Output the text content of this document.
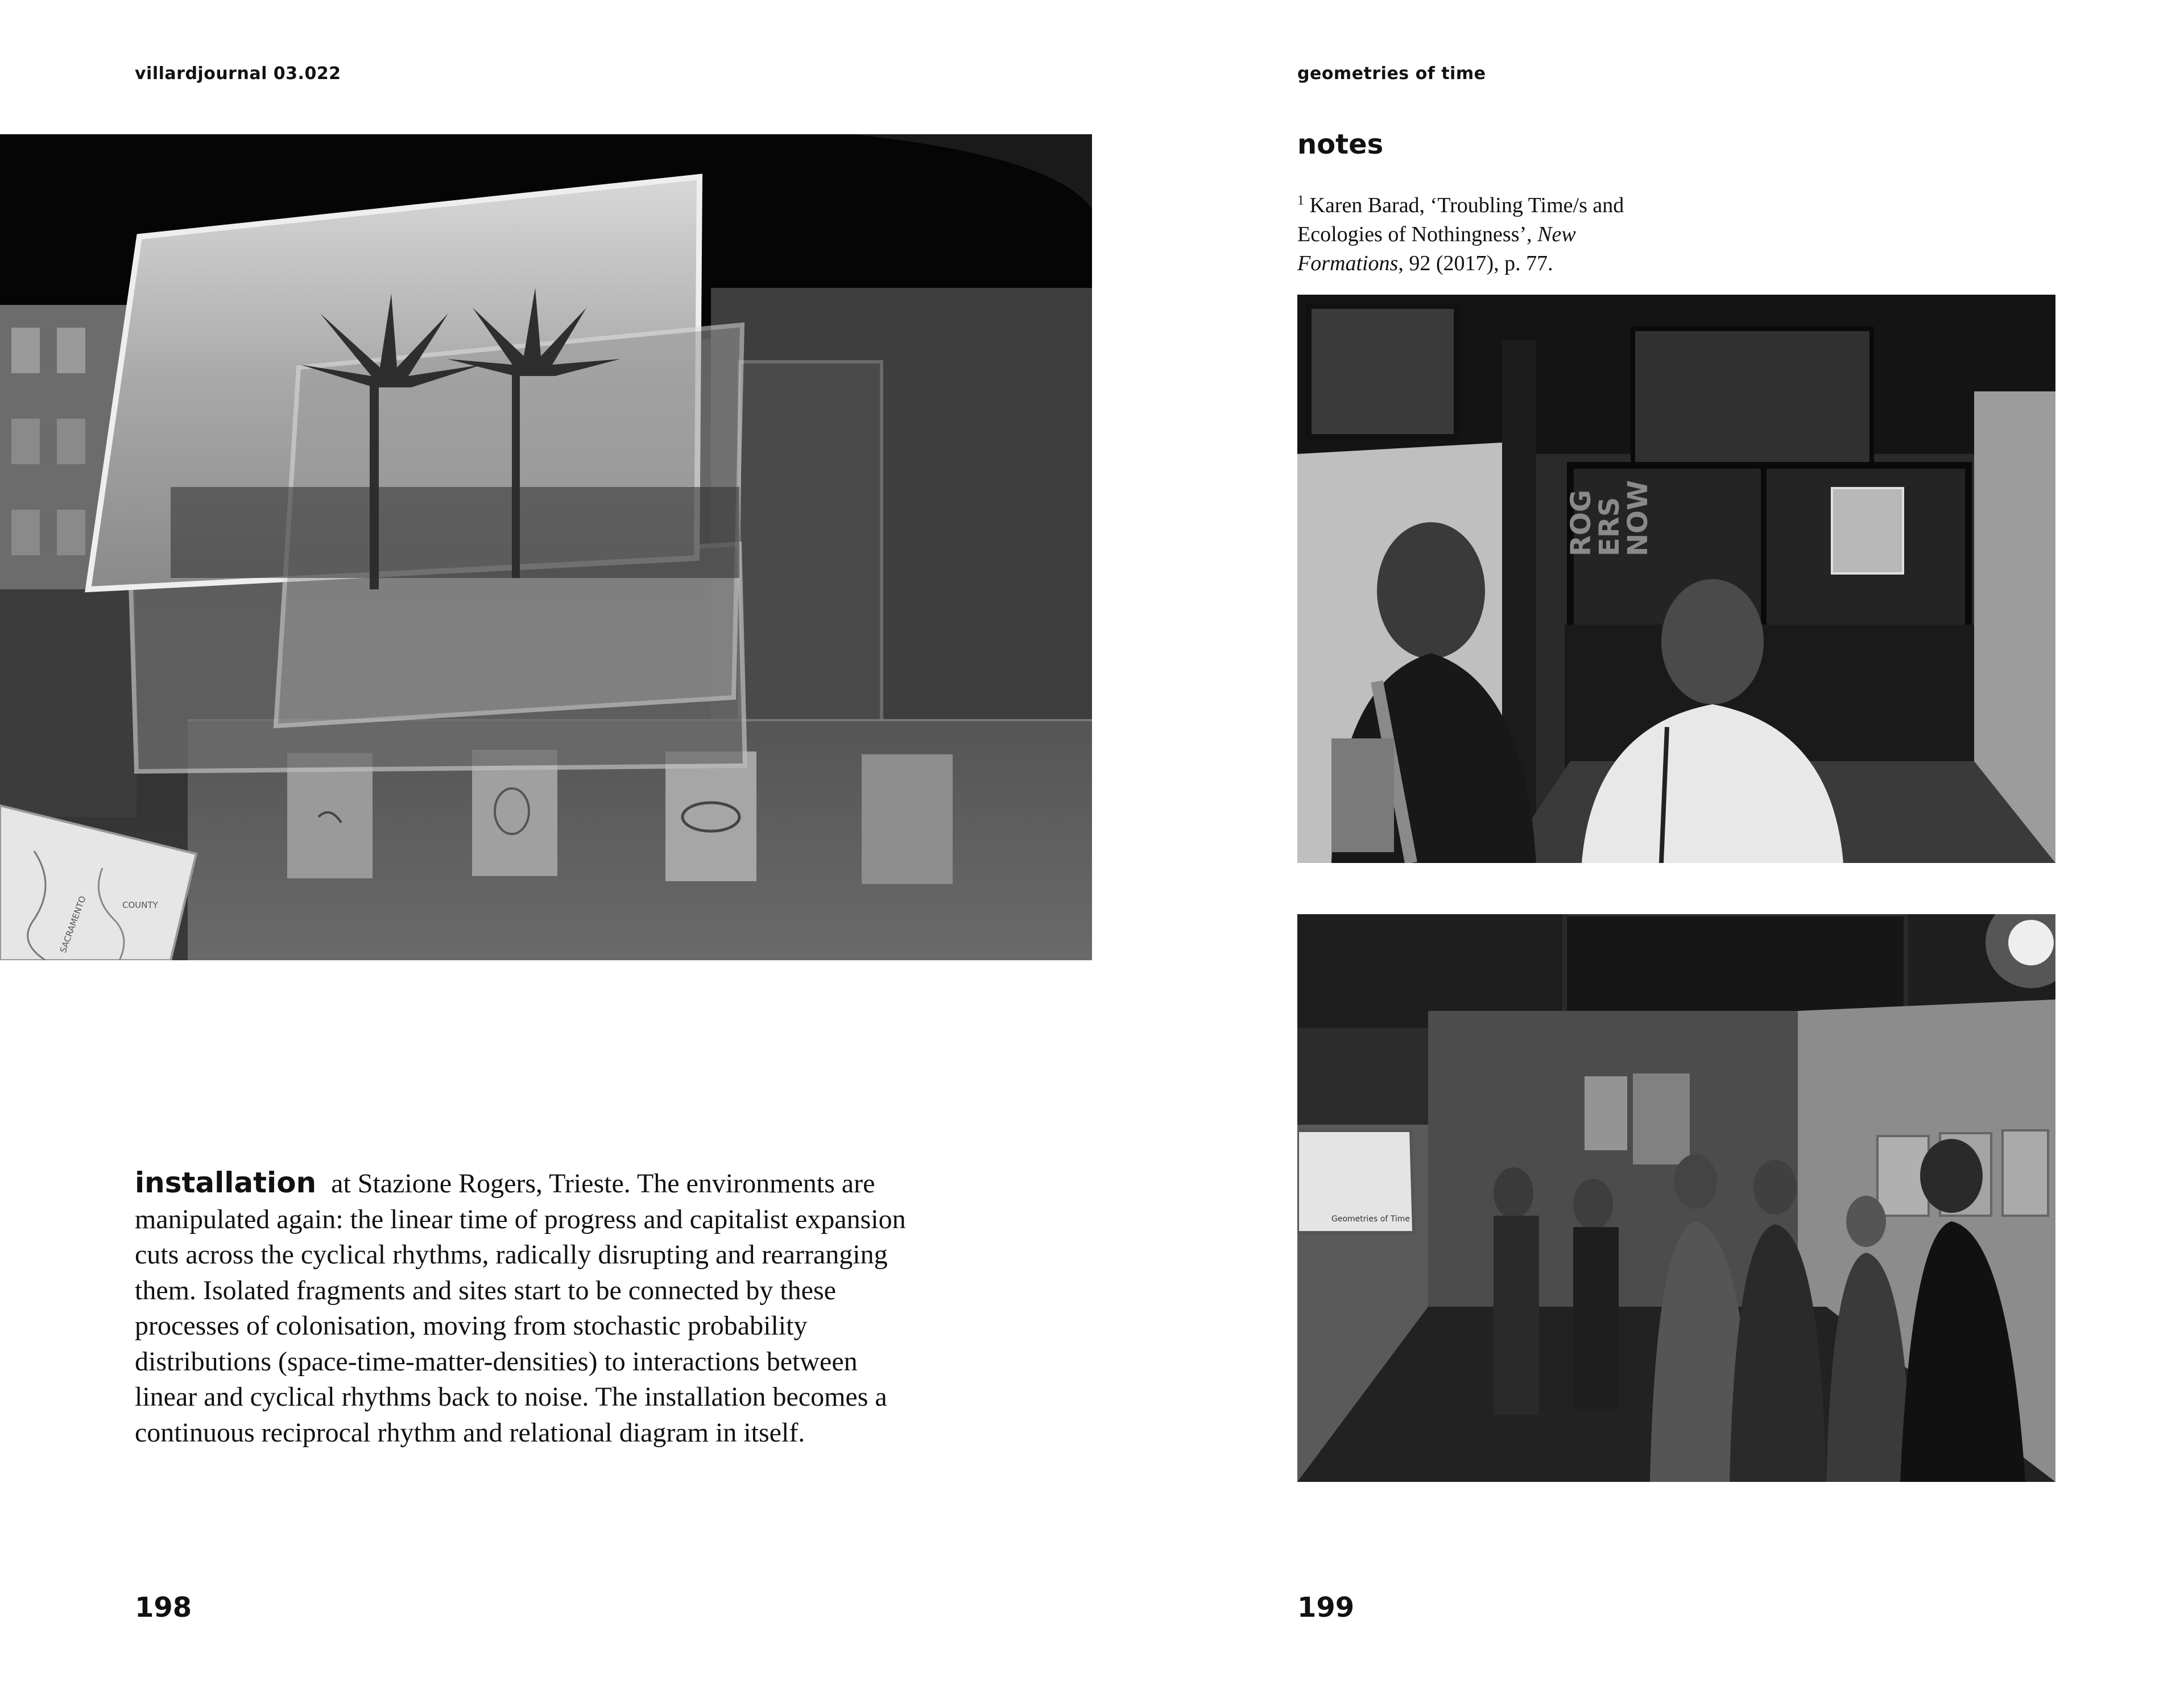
villardjournal 03.022
SACRAMENTO	COUNTY
installation at Stazione Rogers, Trieste. The environments are manipulated again: the linear time of progress and capitalist expansion cuts across the cyclical rhythms, radically disrupting and rearranging them. Isolated fragments and sites start to be connected by these processes of colonisation, moving from stochastic probability distributions (space-time-matter-densities) to interactions between linear and cyclical rhythms back to noise. The installation becomes a continuous reciprocal rhythm and relational diagram in itself.
198
geometries of time
notes
$^1$ Karen Barad, ‘Troubling Time/s and Ecologies of Nothingness’, New Formations, 92 (2017), p. 77.
ROG
ERS
NOW
Geometries of Time
199
